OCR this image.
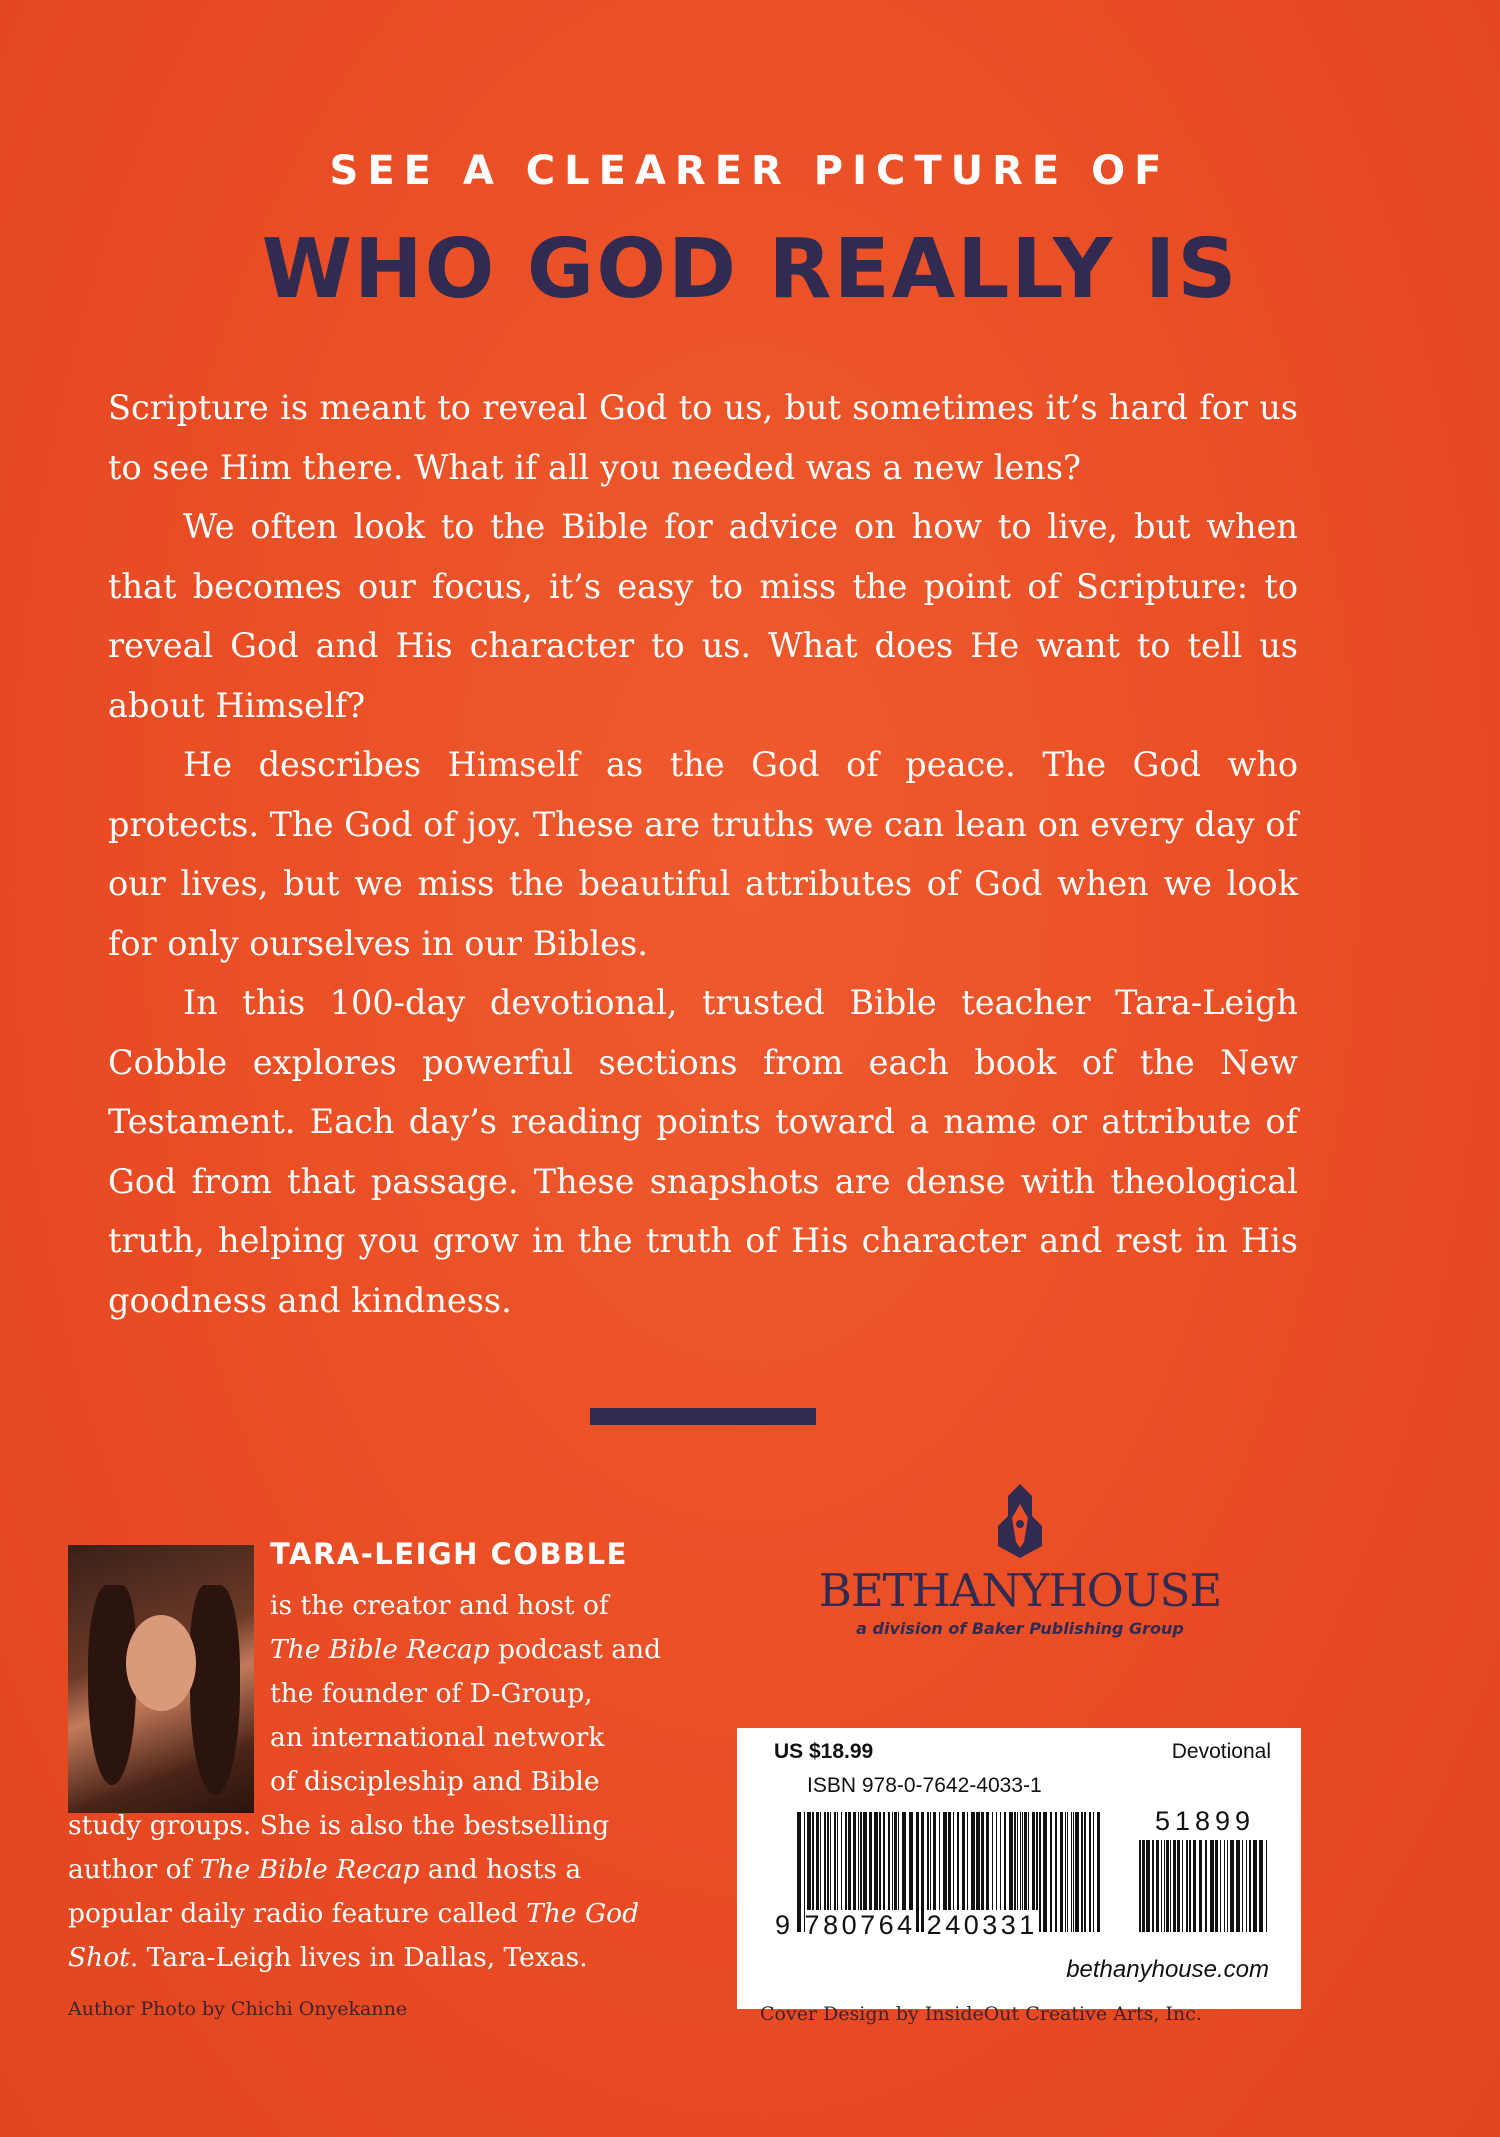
SEE A CLEARER PICTURE OF
WHO GOD REALLY IS

Scripture is meant to reveal God to us, but sometimes it’s hard for us to see Him there. What if all you needed was a new lens?

We often look to the Bible for advice on how to live, but when that becomes our focus, it’s easy to miss the point of Scripture: to reveal God and His character to us. What does He want to tell us about Himself?

He describes Himself as the God of peace. The God who protects. The God of joy. These are truths we can lean on every day of our lives, but we miss the beautiful attributes of God when we look for only ourselves in our Bibles.

In this 100-day devotional, trusted Bible teacher Tara-Leigh Cobble explores powerful sections from each book of the New Testament. Each day’s reading points toward a name or attribute of God from that passage. These snapshots are dense with theological truth, helping you grow in the truth of His character and rest in His goodness and kindness.

TARA-LEIGH COBBLE
is the creator and host of
The Bible Recap podcast and
the founder of D-Group,
an international network
of discipleship and Bible
study groups. She is also the bestselling
author of The Bible Recap and hosts a
popular daily radio feature called The God
Shot. Tara-Leigh lives in Dallas, Texas.
Author Photo by Chichi Onyekanne
BETHANYHOUSE
a division of Baker Publishing Group
US $18.99	Devotional
ISBN 978-0-7642-4033-1
51899
9 780764 240331
bethanyhouse.com
Cover Design by InsideOut Creative Arts, Inc.
